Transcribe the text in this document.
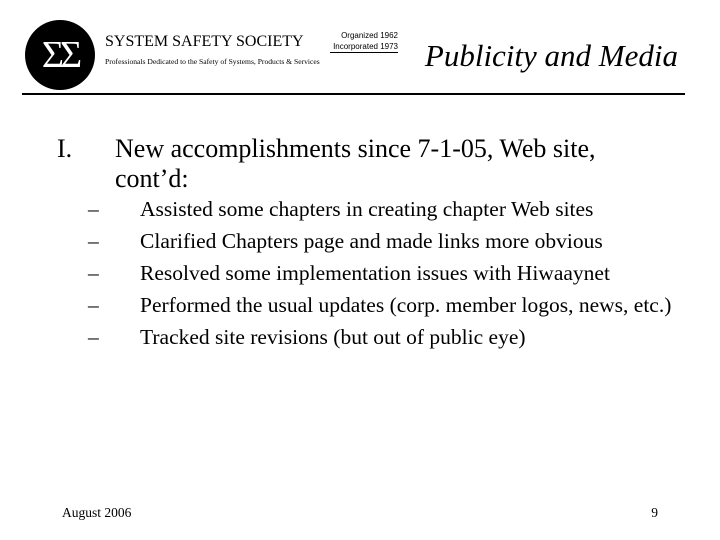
ΣΣ	SYSTEM SAFETY SOCIETY
Professionals Dedicated to the Safety of Systems, Products & Services
Organized 1962
Incorporated 1973 Publicity and Media
I. New accomplishments since 7-1-05, Web site, cont’d:
– Assisted some chapters in creating chapter Web sites
– Clarified Chapters page and made links more obvious
– Resolved some implementation issues with Hiwaaynet
– Performed the usual updates (corp. member logos, news, etc.)
– Tracked site revisions (but out of public eye)
August 2006	9
